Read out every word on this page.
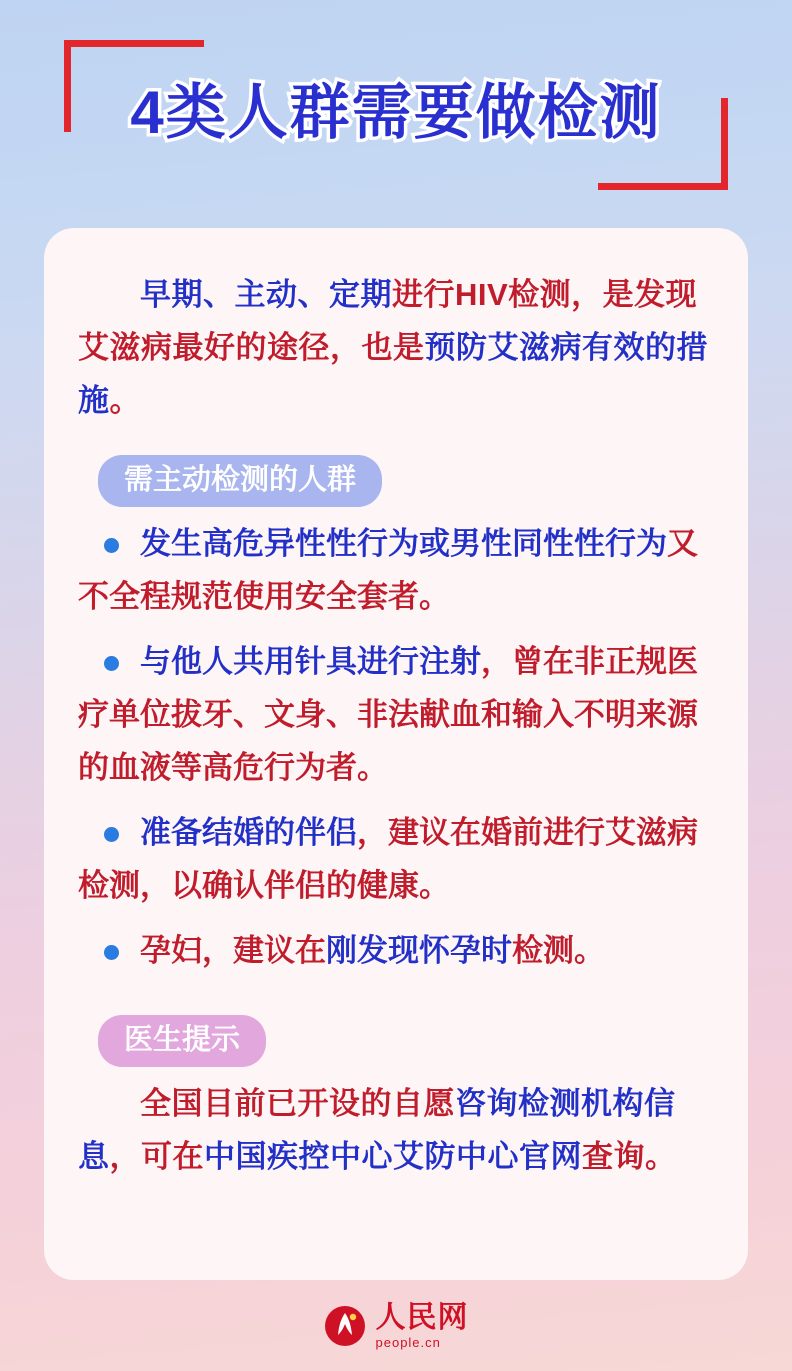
4类人群需要做检测

早期、主动、定期进行HIV检测，是发现艾滋病最好的途径，也是预防艾滋病有效的措施。

需主动检测的人群
发生高危异性性行为或男性同性性行为又不全程规范使用安全套者。
与他人共用针具进行注射，曾在非正规医疗单位拔牙、文身、非法献血和输入不明来源的血液等高危行为者。
准备结婚的伴侣，建议在婚前进行艾滋病检测，以确认伴侣的健康。
孕妇，建议在刚发现怀孕时检测。
医生提示

全国目前已开设的自愿咨询检测机构信息，可在中国疾控中心艾防中心官网查询。

人民网
people.cn
